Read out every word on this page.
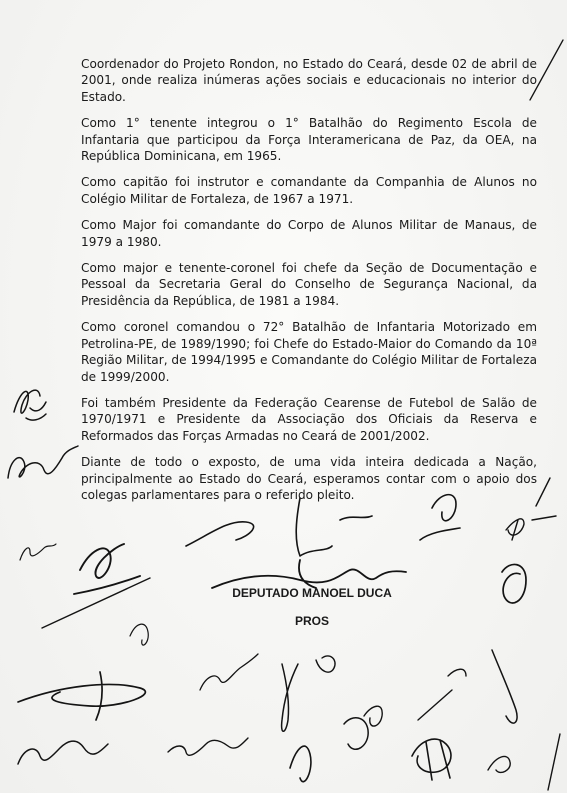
Coordenador do Projeto Rondon, no Estado do Ceará, desde 02 de abril de 2001, onde realiza inúmeras ações sociais e educacionais no interior do Estado.

Como 1° tenente integrou o 1° Batalhão do Regimento Escola de Infantaria que participou da Força Interamericana de Paz, da OEA, na República Dominicana, em 1965.

Como capitão foi instrutor e comandante da Companhia de Alunos no Colégio Militar de Fortaleza, de 1967 a 1971.

Como Major foi comandante do Corpo de Alunos Militar de Manaus, de 1979 a 1980.

Como major e tenente-coronel foi chefe da Seção de Documentação e Pessoal da Secretaria Geral do Conselho de Segurança Nacional, da Presidência da República, de 1981 a 1984.

Como coronel comandou o 72° Batalhão de Infantaria Motorizado em Petrolina-PE, de 1989/1990; foi Chefe do Estado-Maior do Comando da 10ª Região Militar, de 1994/1995 e Comandante do Colégio Militar de Fortaleza de 1999/2000.

Foi também Presidente da Federação Cearense de Futebol de Salão de 1970/1971 e Presidente da Associação dos Oficiais da Reserva e Reformados das Forças Armadas no Ceará de 2001/2002.

Diante de todo o exposto, de uma vida inteira dedicada a Nação, principalmente ao Estado do Ceará, esperamos contar com o apoio dos colegas parlamentares para o referido pleito.

DEPUTADO MANOEL DUCA
PROS
